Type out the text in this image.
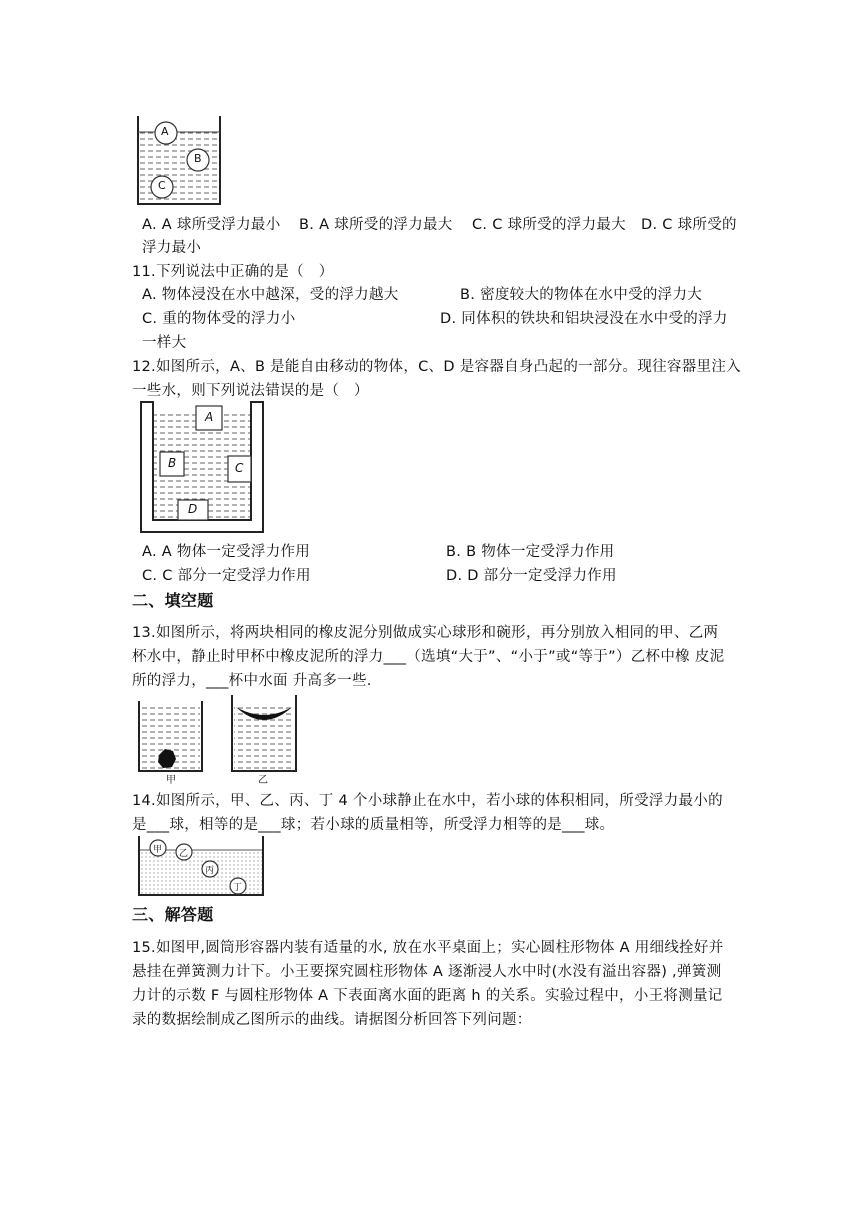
A
B
C
A. A 球所受浮力最小 B. A 球所受的浮力最大 C. C 球所受的浮力最大 D. C 球所受的
浮力最小
11.下列说法中正确的是（　）
A. 物体浸没在水中越深，受的浮力越大	B. 密度较大的物体在水中受的浮力大
C. 重的物体受的浮力小	D. 同体积的铁块和铝块浸没在水中受的浮力
一样大
12.如图所示，A、B 是能自由移动的物体，C、D 是容器自身凸起的一部分。现往容器里注入
一些水，则下列说法错误的是（　）
A
B	C
D
A. A 物体一定受浮力作用	B. B 物体一定受浮力作用
C. C 部分一定受浮力作用	D. D 部分一定受浮力作用
二、填空题
13.如图所示，将两块相同的橡皮泥分别做成实心球形和碗形，再分别放入相同的甲、乙两
杯水中，静止时甲杯中橡皮泥所的浮力___（选填“大于”、“小于”或“等于”）乙杯中橡 皮泥
所的浮力，___杯中水面 升高多一些.
甲	乙
14.如图所示，甲、乙、丙、丁 4 个小球静止在水中，若小球的体积相同，所受浮力最小的
是___球，相等的是___球；若小球的质量相等，所受浮力相等的是___球。
甲 乙
丙
丁
三、解答题
15.如图甲,圆筒形容器内装有适量的水, 放在水平桌面上；实心圆柱形物体 A 用细线拴好并
悬挂在弹簧测力计下。小王要探究圆柱形物体 A 逐渐浸人水中时(水没有溢出容器) ,弹簧测
力计的示数 F 与圆柱形物体 A 下表面离水面的距离 h 的关系。实验过程中，小王将测量记
录的数据绘制成乙图所示的曲线。请据图分析回答下列问题：
